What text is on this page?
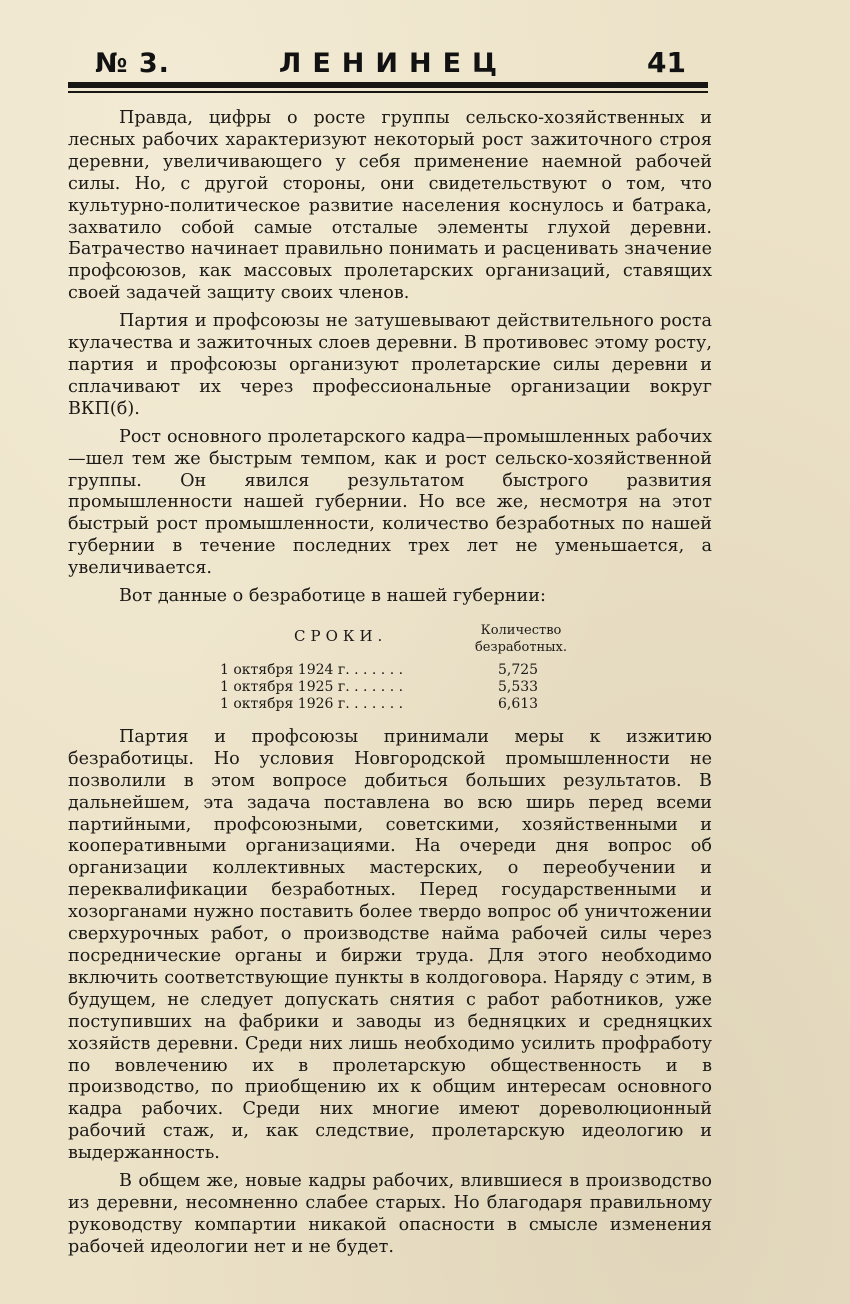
№ 3.	ЛЕНИНЕЦ	41

Правда, цифры о росте группы сельско-хозяйственных и лесных рабочих характеризуют некоторый рост зажиточного строя деревни, увеличивающего у себя применение наемной рабочей силы. Но, с другой стороны, они свидетельствуют о том, что культурно-политическое развитие населения коснулось и батрака, захватило собой самые отсталые элементы глухой деревни. Батрачество начинает правильно понимать и расценивать значение профсоюзов, как массовых пролетарских организаций, ставящих своей задачей защиту своих членов.

Партия и профсоюзы не затушевывают действительного роста кулачества и зажиточных слоев деревни. В противовес этому росту, партия и профсоюзы организуют пролетарские силы деревни и сплачивают их через профессиональные организации вокруг ВКП(б).

Рост основного пролетарского кадра—промышленных рабочих—шел тем же быстрым темпом, как и рост сельско-хозяйственной группы. Он явился результатом быстрого развития промышленности нашей губернии. Но все же, несмотря на этот быстрый рост промышленности, количество безработных по нашей губернии в течение последних трех лет не уменьшается, а увеличивается.

Вот данные о безработице в нашей губернии:

СРОКИ.	Количество
безработных.
1 октября 1924 г. . . . . . .	5,725
1 октября 1925 г. . . . . . .	5,533
1 октября 1926 г. . . . . . .	6,613

Партия и профсоюзы принимали меры к изжитию безработицы. Но условия Новгородской промышленности не позволили в этом вопросе добиться больших результатов. В дальнейшем, эта задача поставлена во всю ширь перед всеми партийными, профсоюзными, советскими, хозяйственными и кооперативными организациями. На очереди дня вопрос об организации коллективных мастерских, о переобучении и переквалификации безработных. Перед государственными и хозорганами нужно поставить более твердо вопрос об уничтожении сверхурочных работ, о производстве найма рабочей силы через посреднические органы и биржи труда. Для этого необходимо включить соответствующие пункты в колдоговора. Наряду с этим, в будущем, не следует допускать снятия с работ работников, уже поступивших на фабрики и заводы из бедняцких и средняцких хозяйств деревни. Среди них лишь необходимо усилить профработу по вовлечению их в пролетарскую общественность и в производство, по приобщению их к общим интересам основного кадра рабочих. Среди них многие имеют дореволюционный рабочий стаж, и, как следствие, пролетарскую идеологию и выдержанность.

В общем же, новые кадры рабочих, влившиеся в производство из деревни, несомненно слабее старых. Но благодаря правильному руководству компартии никакой опасности в смысле изменения рабочей идеологии нет и не будет.
